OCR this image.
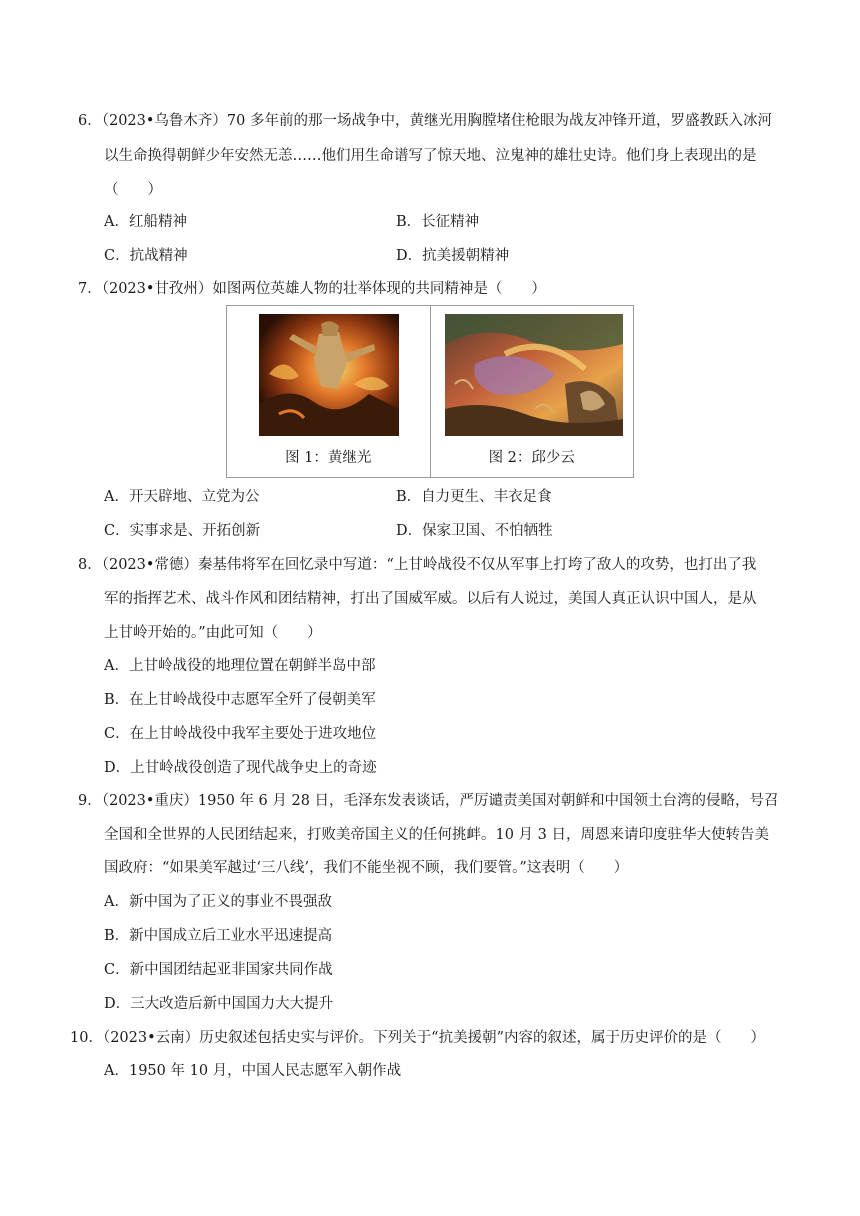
6．（2023•乌鲁木齐）70 多年前的那一场战争中，黄继光用胸膛堵住枪眼为战友冲锋开道，罗盛教跃入冰河
以生命换得朝鲜少年安然无恙……他们用生命谱写了惊天地、泣鬼神的雄壮史诗。他们身上表现出的是
（　　）
A．红船精神	B．长征精神
C．抗战精神	D．抗美援朝精神
7．（2023•甘孜州）如图两位英雄人物的壮举体现的共同精神是（　　）
图 1：黄继光	图 2：邱少云
A．开天辟地、立党为公	B．自力更生、丰衣足食
C．实事求是、开拓创新	D．保家卫国、不怕牺牲
8．（2023•常德）秦基伟将军在回忆录中写道：“上甘岭战役不仅从军事上打垮了敌人的攻势，也打出了我
军的指挥艺术、战斗作风和团结精神，打出了国威军威。以后有人说过，美国人真正认识中国人，是从
上甘岭开始的。”由此可知（　　）
A．上甘岭战役的地理位置在朝鲜半岛中部
B．在上甘岭战役中志愿军全歼了侵朝美军
C．在上甘岭战役中我军主要处于进攻地位
D．上甘岭战役创造了现代战争史上的奇迹
9．（2023•重庆）1950 年 6 月 28 日，毛泽东发表谈话，严厉谴责美国对朝鲜和中国领土台湾的侵略，号召
全国和全世界的人民团结起来，打败美帝国主义的任何挑衅。10 月 3 日，周恩来请印度驻华大使转告美
国政府：“如果美军越过‘三八线’，我们不能坐视不顾，我们要管。”这表明（　　）
A．新中国为了正义的事业不畏强敌
B．新中国成立后工业水平迅速提高
C．新中国团结起亚非国家共同作战
D．三大改造后新中国国力大大提升
10．（2023•云南）历史叙述包括史实与评价。下列关于“抗美援朝”内容的叙述，属于历史评价的是（　　）
A．1950 年 10 月，中国人民志愿军入朝作战
